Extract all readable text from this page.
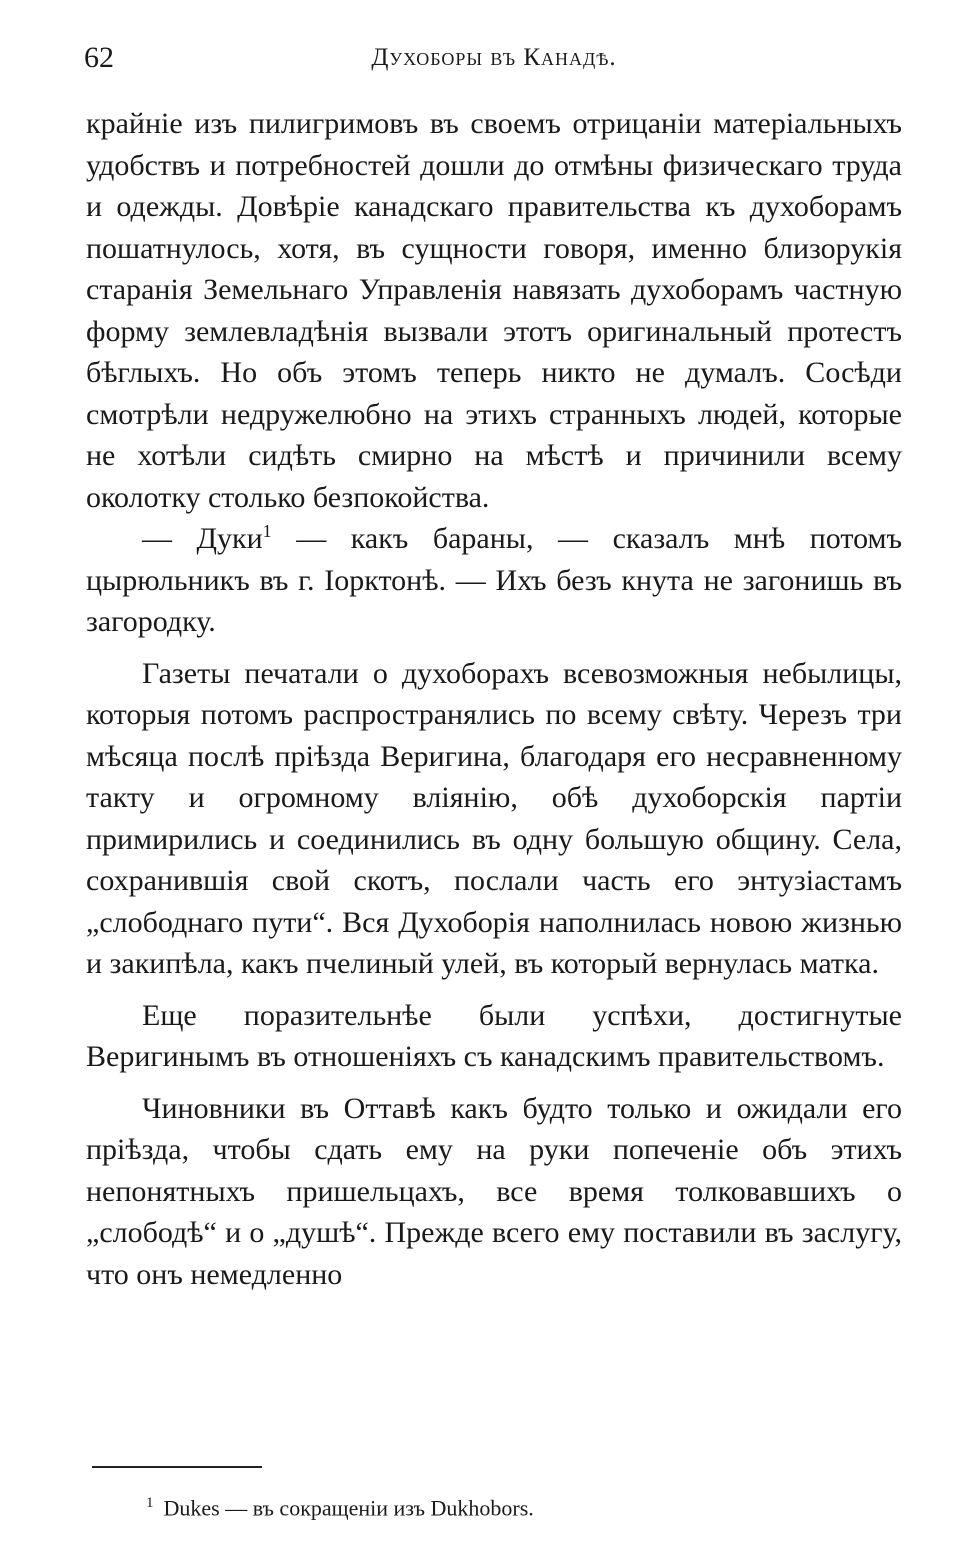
62	Духоборы въ Канадѣ.

крайніе изъ пилигримовъ въ своемъ отрицаніи матеріальныхъ удобствъ и потребностей дошли до отмѣны физическаго труда и одежды. Довѣріе канадскаго правительства къ духоборамъ пошатнулось, хотя, въ сущности говоря, именно близорукія старанія Земельнаго Управленія навязать духоборамъ частную форму землевладѣнія вызвали этотъ оригинальный протестъ бѣглыхъ. Но объ этомъ теперь никто не думалъ. Сосѣди смотрѣли недружелюбно на этихъ странныхъ людей, которые не хотѣли сидѣть смирно на мѣстѣ и причинили всему околотку столько безпокойства.

— Дуки$^1$ — какъ бараны, — сказалъ мнѣ потомъ цырюльникъ въ г. Іорктонѣ. — Ихъ безъ кнута не загонишь въ загородку.

Газеты печатали о духоборахъ всевозможныя небылицы, которыя потомъ распространялись по всему свѣту. Черезъ три мѣсяца послѣ пріѣзда Веригина, благодаря его несравненному такту и огромному вліянію, обѣ духоборскія партіи примирились и соединились въ одну большую общину. Села, сохранившія свой скотъ, послали часть его энтузіастамъ „слободнаго пути“. Вся Духоборія наполнилась новою жизнью и закипѣла, какъ пчелиный улей, въ который вернулась матка.

Еще поразительнѣе были успѣхи, достигнутые Веригинымъ въ отношеніяхъ съ канадскимъ правительствомъ.

Чиновники въ Оттавѣ какъ будто только и ожидали его пріѣзда, чтобы сдать ему на руки попеченіе объ этихъ непонятныхъ пришельцахъ, все время толковавшихъ о „слободѣ“ и о „душѣ“. Прежде всего ему поставили въ заслугу, что онъ немедленно

$^1$ Dukes — въ сокращеніи изъ Dukhobors.
